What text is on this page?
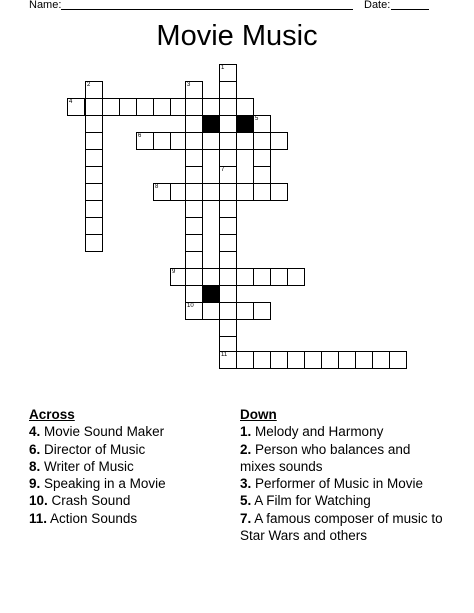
Name:	Date:
Movie Music
1
2	3
4
5
6
7
8
9
10
11
Across
4. Movie Sound Maker
6. Director of Music
8. Writer of Music
9. Speaking in a Movie
10. Crash Sound
11. Action Sounds
Down
1. Melody and Harmony
2. Person who balances and mixes sounds
3. Performer of Music in Movie
5. A Film for Watching
7. A famous composer of music to Star Wars and others
